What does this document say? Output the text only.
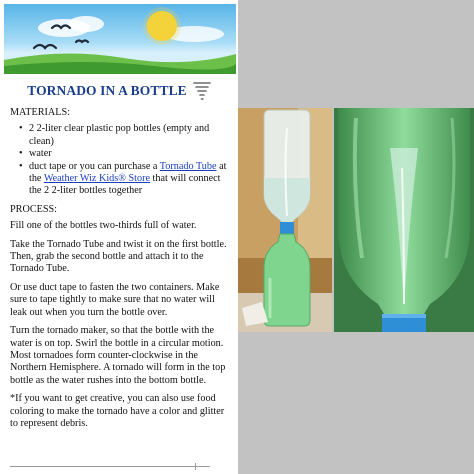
TORNADO IN A BOTTLE

MATERIALS:

• 2 2-liter clear plastic pop bottles (empty and clean)
• water
• duct tape or you can purchase a Tornado Tube at the Weather Wiz Kids® Store that will connect the 2 2-liter bottles together

PROCESS:

Fill one of the bottles two-thirds full of water.

Take the Tornado Tube and twist it on the first bottle. Then, grab the second bottle and attach it to the Tornado Tube.

Or use duct tape to fasten the two containers. Make sure to tape tightly to make sure that no water will leak out when you turn the bottle over.

Turn the tornado maker, so that the bottle with the water is on top. Swirl the bottle in a circular motion. Most tornadoes form counter-clockwise in the Northern Hemisphere. A tornado will form in the top bottle as the water rushes into the bottom bottle.

*If you want to get creative, you can also use food coloring to make the tornado have a color and glitter to represent debris.
